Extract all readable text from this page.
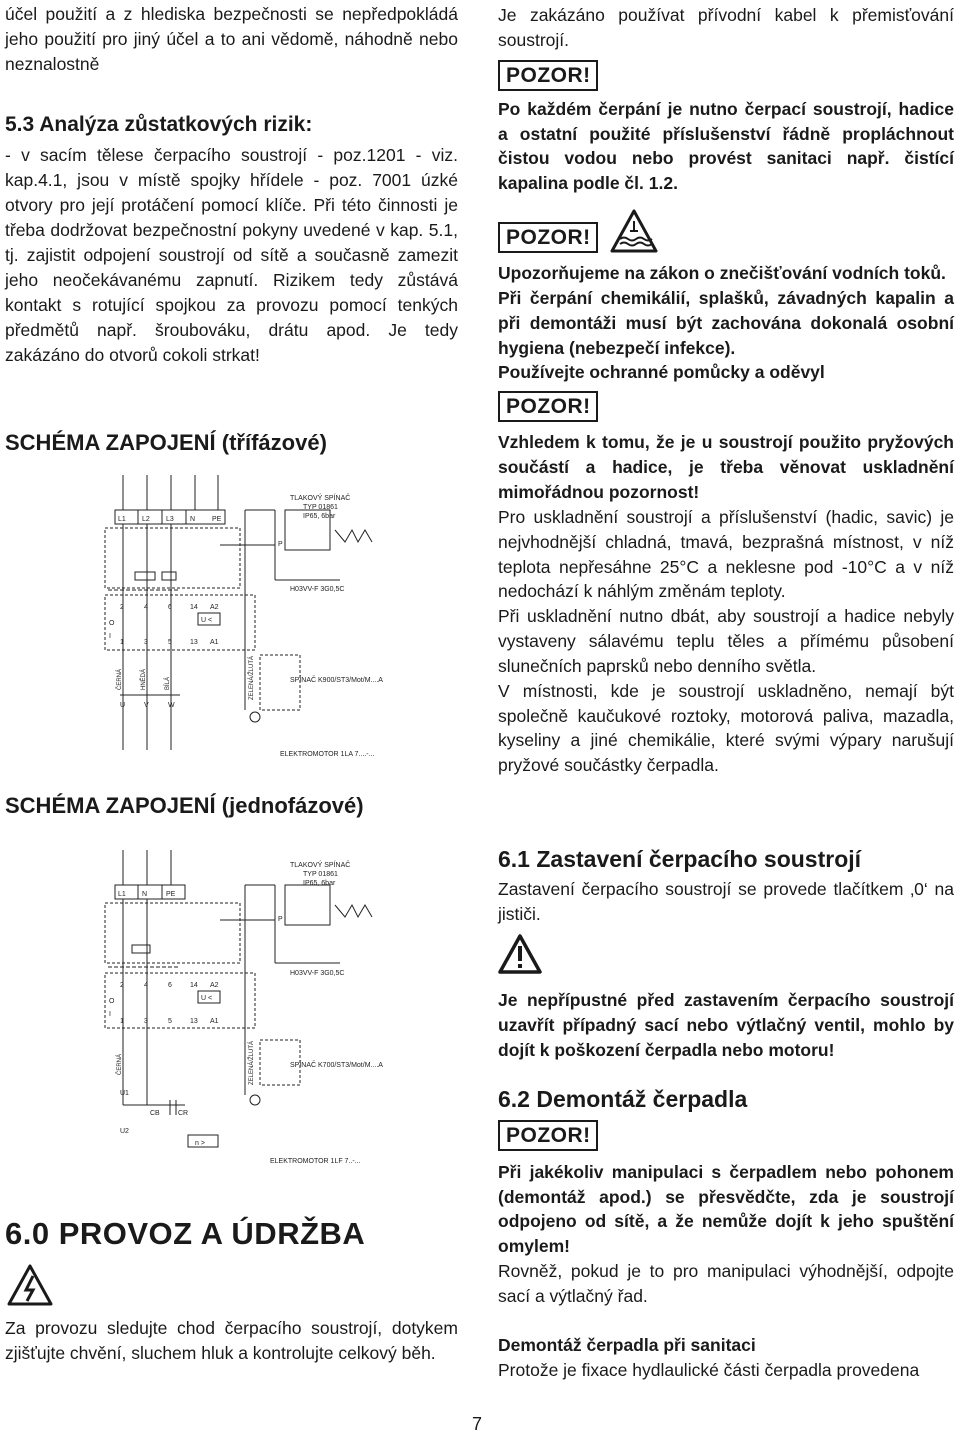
účel použití a z hlediska bezpečnosti se nepředpokládá jeho použití pro jiný účel a to ani vědomě, náhodně nebo neznalostně

5.3 Analýza zůstatkových rizik:

- v sacím tělese čerpacího soustrojí - poz.1201 - viz. kap.4.1, jsou v místě spojky hřídele - poz. 7001 úzké otvory pro její protáčení pomocí klíče. Při této činnosti je třeba dodržovat bezpečnostní pokyny uvedené v kap. 5.1, tj. zajistit odpojení soustrojí od sítě a současně zamezit jeho neočekávanému zapnutí. Rizikem tedy zůstává kontakt s rotující spojkou za provozu pomocí tenkých předmětů např. šroubováku, drátu apod. Je tedy zakázáno do otvorů cokoli strkat!

SCHÉMA ZAPOJENÍ (třífázové)
L1 L2 L3 N PE
2	4	6	14 A2
1	3	5	13 A1
O
I
U <
P
TLAKOVÝ SPÍNAČ
TYP 01861
IP65, 6bar
H03VV-F 3G0,5C
SPÍNAČ K900/ST3/Mot/M....A
ELEKTROMOTOR 1LA 7....-...
U	V	W
ČERNÁ	HNĚDÁ	BÍLÁ	ZELENÁ/ŽLUTÁ
SCHÉMA ZAPOJENÍ (jednofázové)
L1 N	PE
2	4	6	14 A2
1	3	5	13 A1
O
I
U <
P
TLAKOVÝ SPÍNAČ
TYP 01861
IP65, 6bar
H03VV-F 3G0,5C
SPÍNAČ K700/ST3/Mot/M....A
ELEKTROMOTOR 1LF 7..-...
U1
U2
CB	CR
n >
ČERNÁ	ZELENÁ/ŽLUTÁ
6.0 PROVOZ A ÚDRŽBA

Za provozu sledujte chod čerpacího soustrojí, dotykem zjišťujte chvění, sluchem hluk a kontrolujte celkový běh.

Je zakázáno používat přívodní kabel k přemisťování soustrojí.

POZOR!

Po každém čerpání je nutno čerpací soustrojí, hadice a ostatní použité příslušenství řádně propláchnout čistou vodou nebo provést sanitaci např. čistící kapalina podle čl. 1.2.

POZOR!

Upozorňujeme na zákon o znečišťování vodních toků.

Při čerpání chemikálií, splašků, závadných kapalin a při demontáži musí být zachována dokonalá osobní hygiena (nebezpečí infekce).

Používejte ochranné pomůcky a oděvyl

POZOR!

Vzhledem k tomu, že je u soustrojí použito pryžových součástí a hadice, je třeba věnovat uskladnění mimořádnou pozornost!

Pro uskladnění soustrojí a příslušenství (hadic, savic) je nejvhodnější chladná, tmavá, bezprašná místnost, v níž teplota nepřesáhne 25°C a neklesne pod -10°C a v níž nedochází k náhlým změnám teploty.

Při uskladnění nutno dbát, aby soustrojí a hadice nebyly vystaveny sálavému teplu těles a přímému působení slunečních paprsků nebo denního světla.

V místnosti, kde je soustrojí uskladněno, nemají být společně kaučukové roztoky, motorová paliva, mazadla, kyseliny a jiné chemikálie, které svými výpary narušují pryžové součástky čerpadla.

6.1 Zastavení čerpacího soustrojí

Zastavení čerpacího soustrojí se provede tlačítkem ‚0‘ na jističi.

Je nepřípustné před zastavením čerpacího soustrojí uzavřít případný sací nebo výtlačný ventil, mohlo by dojít k poškození čerpadla nebo motoru!

6.2 Demontáž čerpadla
POZOR!

Při jakékoliv manipulaci s čerpadlem nebo pohonem (demontáž apod.) se přesvědčte, zda je soustrojí odpojeno od sítě, a že nemůže dojít k jeho spuštění omylem!

Rovněž, pokud je to pro manipulaci výhodnější, odpojte sací a výtlačný řad.

Demontáž čerpadla při sanitaci

Protože je fixace hydlaulické části čerpadla provedena

7
